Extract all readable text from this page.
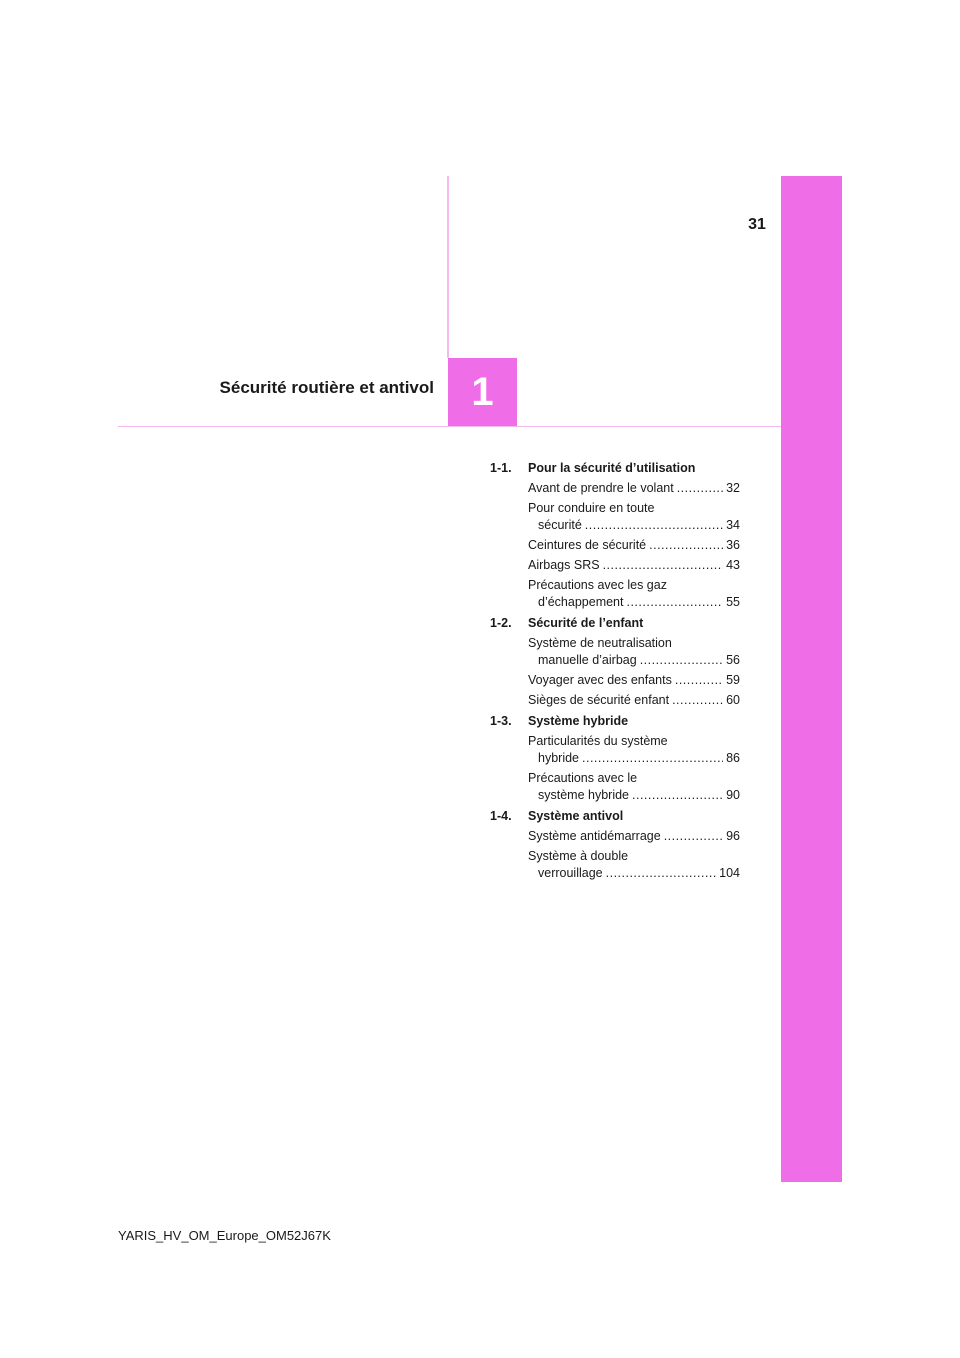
31
1
Sécurité routière et antivol
1-1.	Pour la sécurité d’utilisation
Avant de prendre le volant .....	32
Pour conduire en toute
sécurité .....	34
Ceintures de sécurité .....	36
Airbags SRS .....	43
Précautions avec les gaz
d’échappement .....	55
1-2.	Sécurité de l’enfant
Système de neutralisation
manuelle d’airbag .....	56
Voyager avec des enfants .....	59
Sièges de sécurité enfant .....	60
1-3.	Système hybride
Particularités du système
hybride .....	86
Précautions avec le
système hybride .....	90
1-4.	Système antivol
Système antidémarrage .....	96
Système à double
verrouillage .....	104
YARIS_HV_OM_Europe_OM52J67K
